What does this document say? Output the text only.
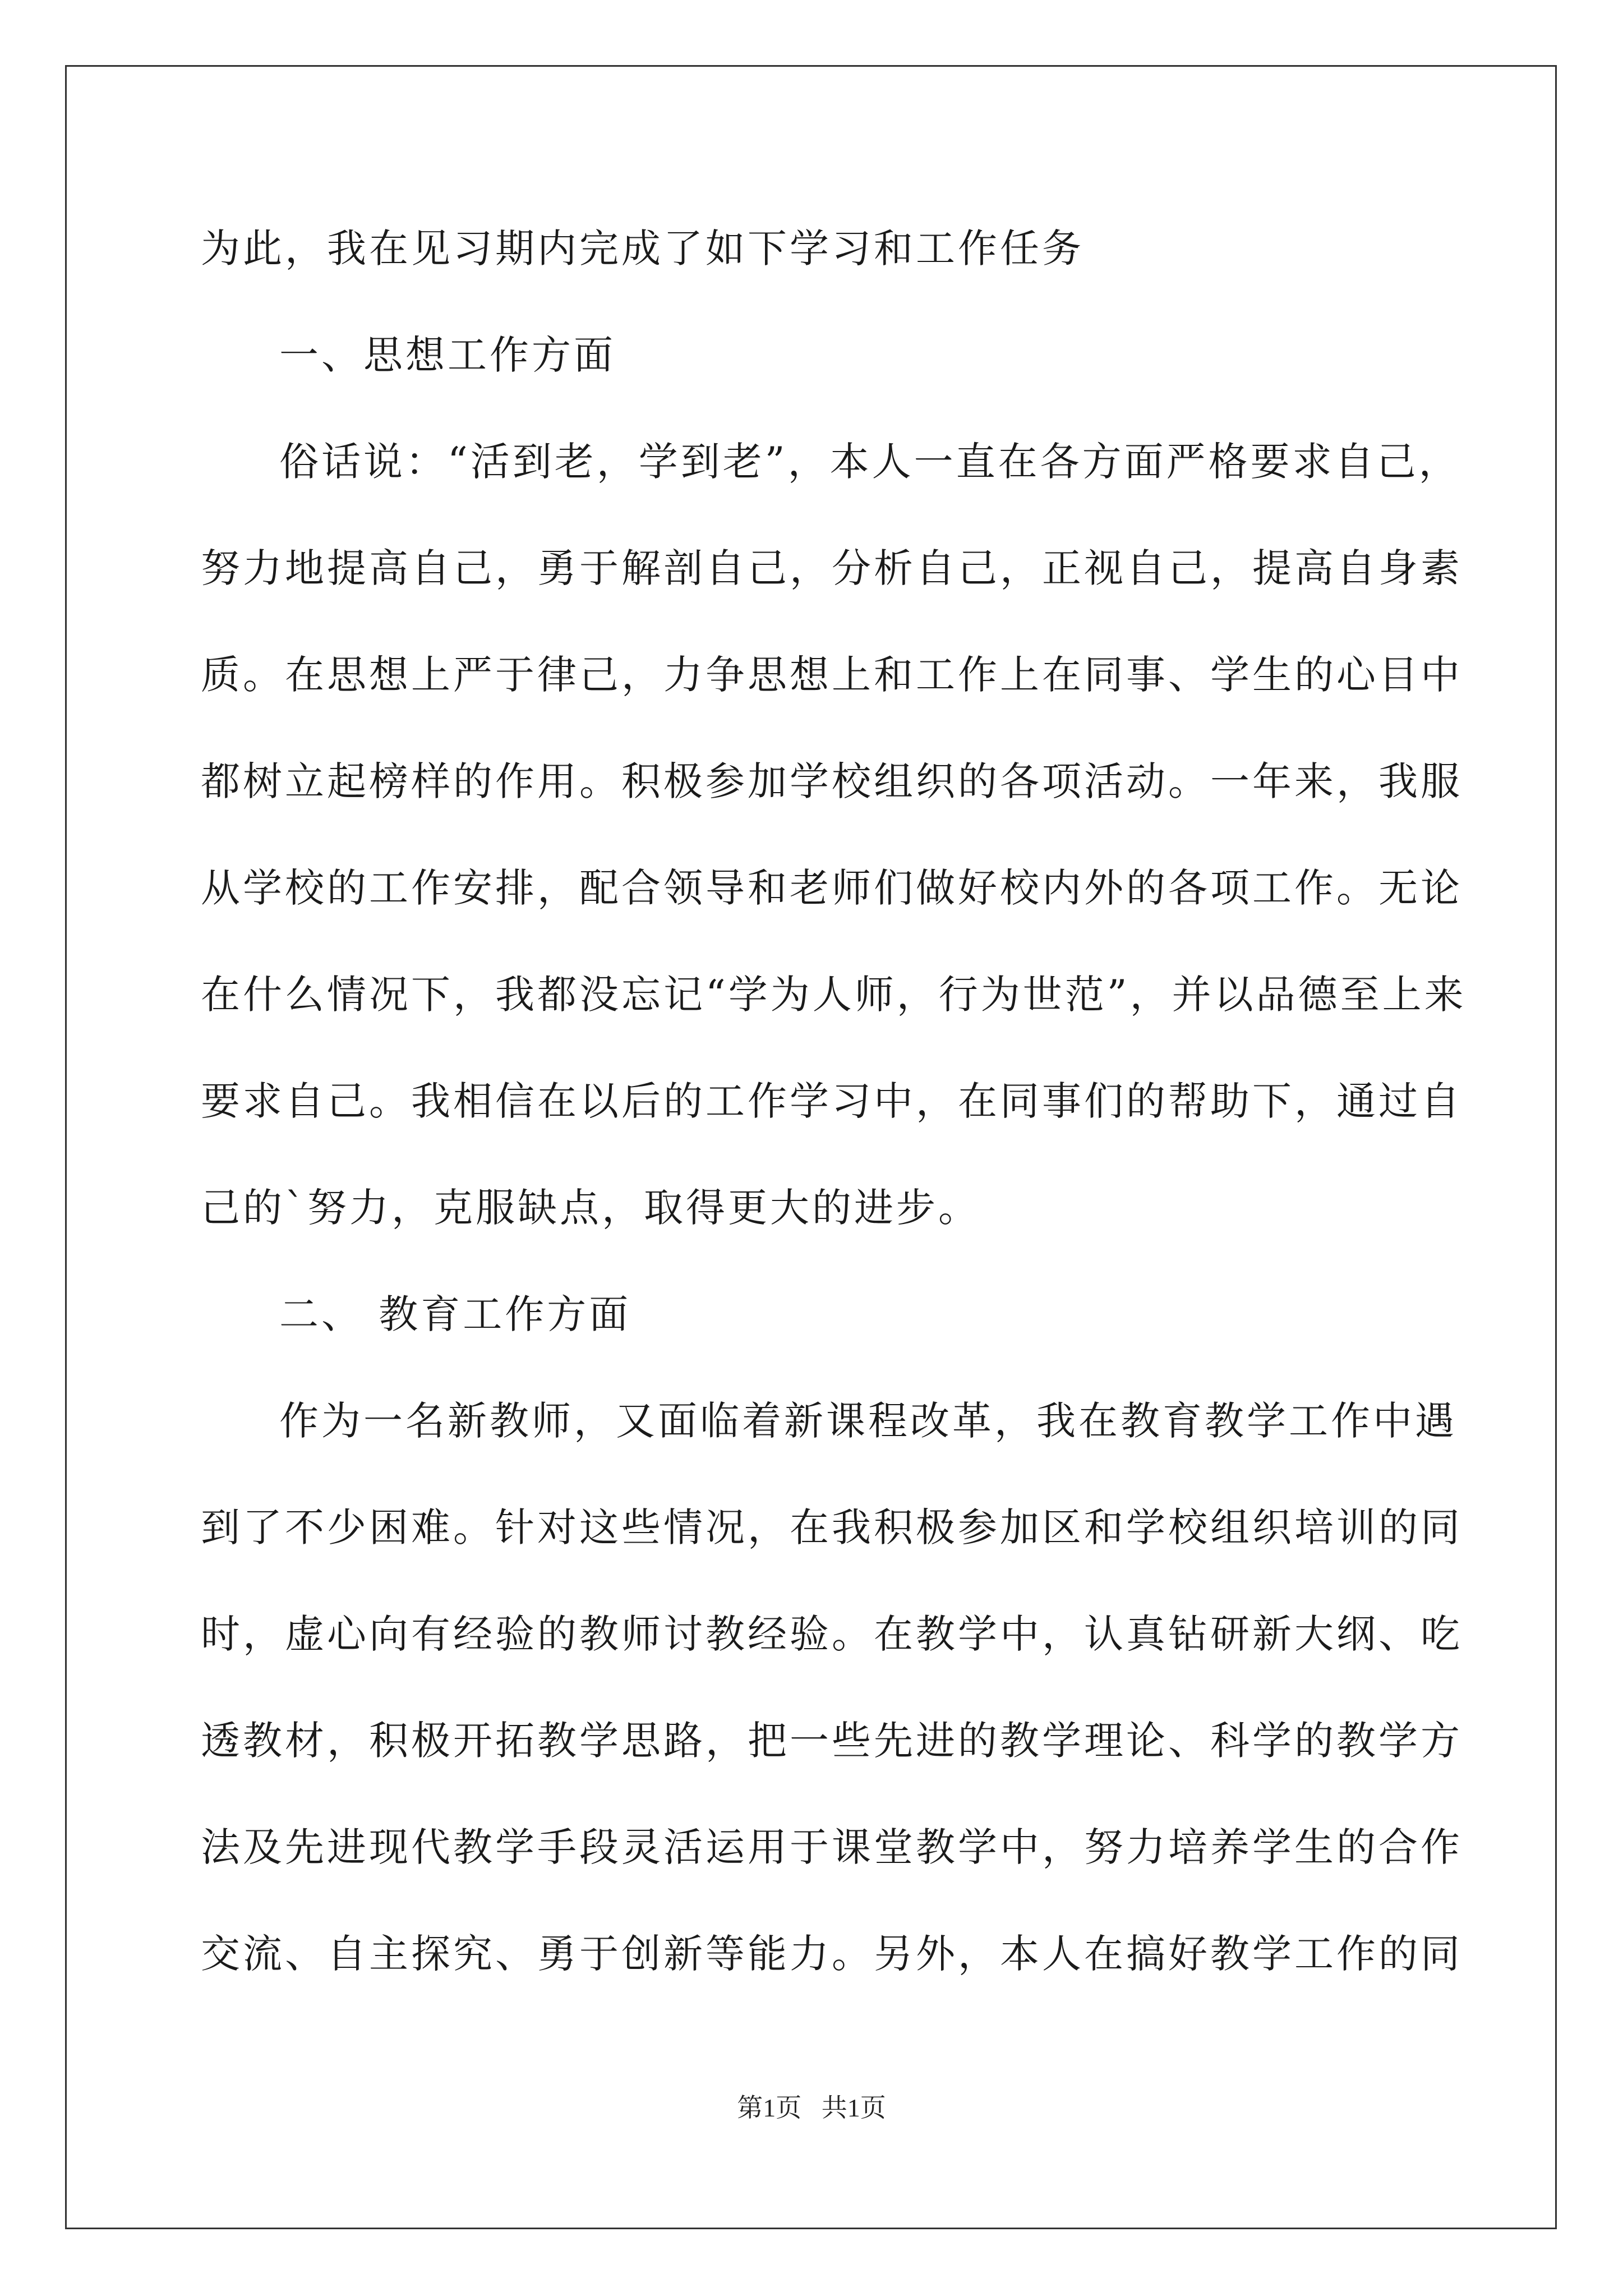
为此，我在见习期内完成了如下学习和工作任务
一、思想工作方面
俗话说：“活到老，学到老”，本人一直在各方面严格要求自己，
努力地提高自己，勇于解剖自己，分析自己，正视自己，提高自身素
质。在思想上严于律己，力争思想上和工作上在同事、学生的心目中
都树立起榜样的作用。积极参加学校组织的各项活动。一年来，我服
从学校的工作安排，配合领导和老师们做好校内外的各项工作。无论
在什么情况下，我都没忘记“学为人师，行为世范”，并以品德至上来
要求自己。我相信在以后的工作学习中，在同事们的帮助下，通过自
己的`努力，克服缺点，取得更大的进步。
二、 教育工作方面
作为一名新教师，又面临着新课程改革，我在教育教学工作中遇
到了不少困难。针对这些情况，在我积极参加区和学校组织培训的同
时，虚心向有经验的教师讨教经验。在教学中，认真钻研新大纲、吃
透教材，积极开拓教学思路，把一些先进的教学理论、科学的教学方
法及先进现代教学手段灵活运用于课堂教学中，努力培养学生的合作
交流、自主探究、勇于创新等能力。另外，本人在搞好教学工作的同
第1页 共1页
